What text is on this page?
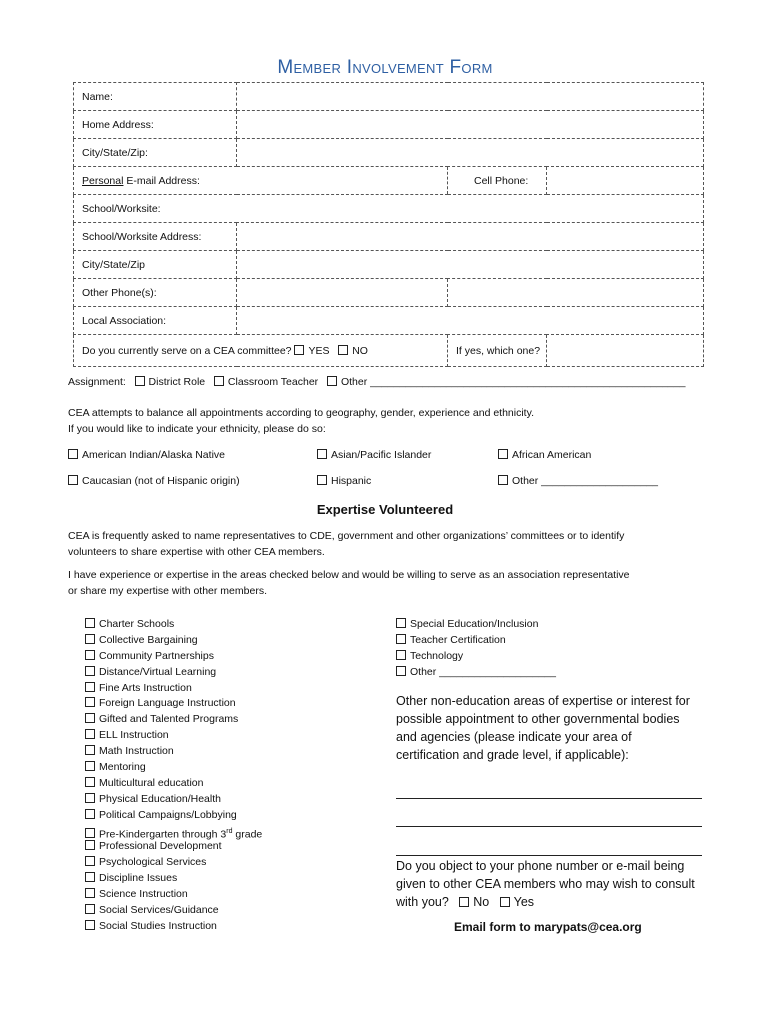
Member Involvement Form
Name:			
Home Address:			
City/State/Zip:			
Personal E-mail Address:		Cell Phone:	
School/Worksite:			
School/Worksite Address:			
City/State/Zip			
Other Phone(s):			
Local Association:			
Do you currently serve on a CEA committee? YES NO		If yes, which one?	
Assignment: District Role Classroom Teacher Other ______________________________________________________
CEA attempts to balance all appointments according to geography, gender, experience and ethnicity.
If you would like to indicate your ethnicity, please do so:
American Indian/Alaska Native	Asian/Pacific Islander	African American
Caucasian (not of Hispanic origin)	Hispanic	Other ____________________
Expertise Volunteered
CEA is frequently asked to name representatives to CDE, government and other organizations’ committees or to identify
volunteers to share expertise with other CEA members.
I have experience or expertise in the areas checked below and would be willing to serve as an association representative
or share my expertise with other members.
Charter Schools
Collective Bargaining
Community Partnerships
Distance/Virtual Learning
Fine Arts Instruction
Foreign Language Instruction
Gifted and Talented Programs
ELL Instruction
Math Instruction
Mentoring
Multicultural education
Physical Education/Health
Political Campaigns/Lobbying
Pre-Kindergarten through 3rd grade
Professional Development
Psychological Services
Discipline Issues
Science Instruction
Social Services/Guidance
Social Studies Instruction
Special Education/Inclusion
Teacher Certification
Technology
Other ____________________
Other non-education areas of expertise or interest for
possible appointment to other governmental bodies
and agencies (please indicate your area of
certification and grade level, if applicable):
Do you object to your phone number or e-mail being
given to other CEA members who may wish to consult
with you? No Yes
Email form to marypats@cea.org
